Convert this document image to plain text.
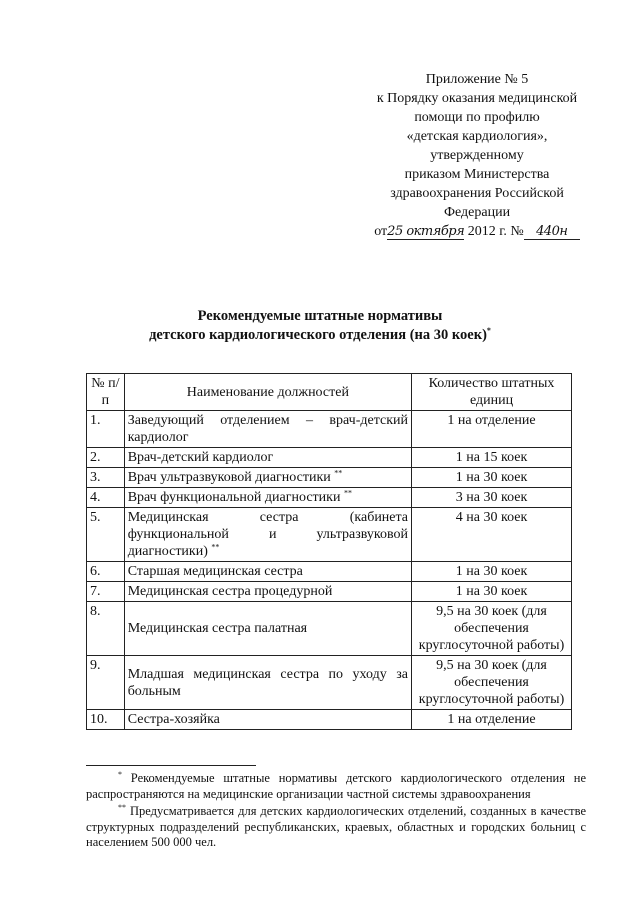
Приложение № 5
к Порядку оказания медицинской
помощи по профилю
«детская кардиология»,
утвержденному
приказом Министерства
здравоохранения Российской
Федерации
от25 октября 2012 г. № 440н
Рекомендуемые штатные нормативы
детского кардиологического отделения (на 30 коек)*
№ п/п	Наименование должностей	Количество штатных единиц
1.	Заведующий отделением – врач-детский кардиолог	1 на отделение
2.	Врач-детский кардиолог	1 на 15 коек
3.	Врач ультразвуковой диагностики **	1 на 30 коек
4.	Врач функциональной диагностики **	3 на 30 коек
5.	Медицинская сестра (кабинета функциональной и ультразвуковой диагностики) **	4 на 30 коек
6.	Старшая медицинская сестра	1 на 30 коек
7.	Медицинская сестра процедурной	1 на 30 коек
8.	Медицинская сестра палатная	9,5 на 30 коек (для обеспечения круглосуточной работы)
9.	Младшая медицинская сестра по уходу за больным	9,5 на 30 коек (для обеспечения круглосуточной работы)
10.	Сестра-хозяйка	1 на отделение

* Рекомендуемые штатные нормативы детского кардиологического отделения не распространяются на медицинские организации частной системы здравоохранения

** Предусматривается для детских кардиологических отделений, созданных в качестве структурных подразделений республиканских, краевых, областных и городских больниц с населением 500 000 чел.
